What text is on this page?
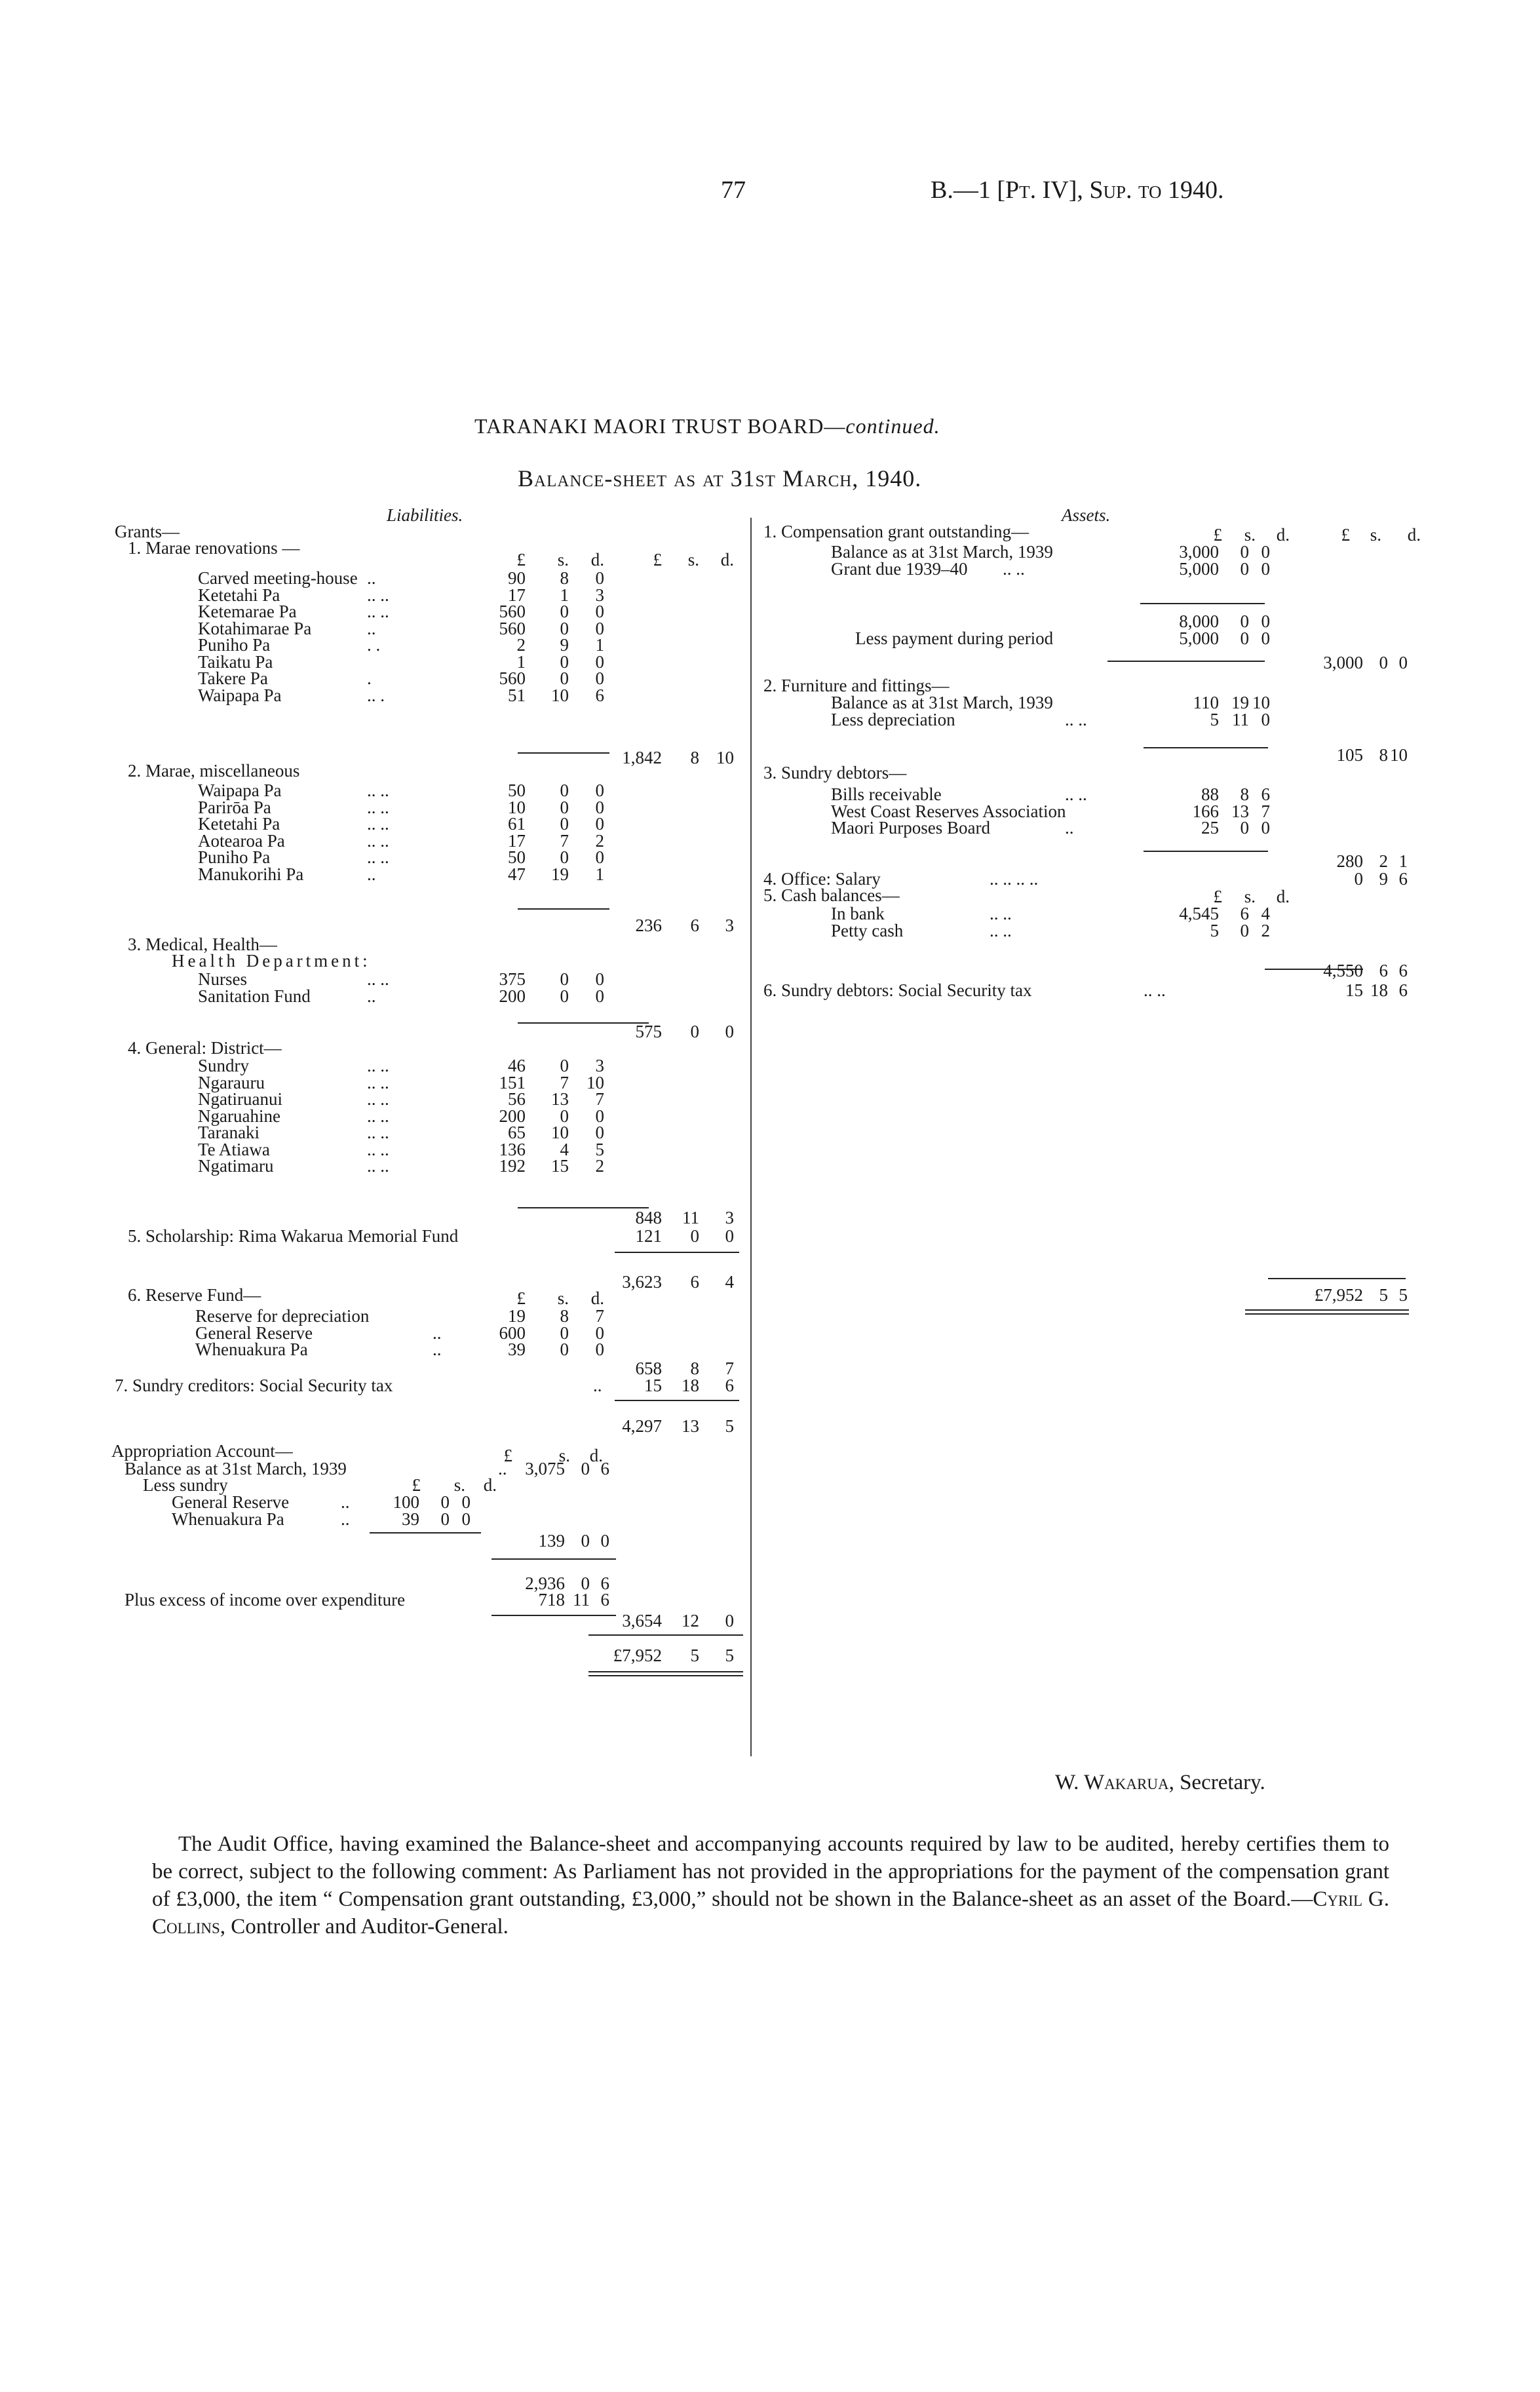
77	B.—1 [Pt. IV], Sup. to 1940.
TARANAKI MAORI TRUST BOARD—continued.
Balance-sheet as at 31st March, 1940.
Liabilities.
Grants—
1. Marae renovations —
£	s.	d.	£	s.	d.
Carved meeting-house ..	90	8	0
Ketetahi Pa	.. ..	17	1	3
Ketemarae Pa	.. ..	560	0	0
Kotahimarae Pa	..	560	0	0
Puniho Pa	. .	2	9	1
Taikatu Pa	1	0	0
Takere Pa	.	560	0	0
Waipapa Pa	.. .	51	10	6
1,842	8 10
2. Marae, miscellaneous
Waipapa Pa	.. ..	50	0	0
Parirōa Pa	.. ..	10	0	0
Ketetahi Pa	.. ..	61	0	0
Aotearoa Pa	.. ..	17	7	2
Puniho Pa	.. ..	50	0	0
Manukorihi Pa	..	47	19	1
236	6	3
3. Medical, Health—
Health Department:
Nurses	.. ..	375	0	0
Sanitation Fund	..	200	0	0
575	0	0
4. General: District—
Sundry	.. ..	46	0	3
Ngarauru	.. ..	151	7	10
Ngatiruanui	.. ..	56	13	7
Ngaruahine	.. ..	200	0	0
Taranaki	.. ..	65	10	0
Te Atiawa	.. ..	136	4	5
Ngatimaru	.. ..	192	15	2
848	11	3
5. Scholarship: Rima Wakarua Memorial Fund	121	0	0
3,623	6	4
6. Reserve Fund—	£	s.	d.
Reserve for depreciation	19	8	7
General Reserve	..	600	0	0
Whenuakura Pa	..	39	0	0
658	8	7
7. Sundry creditors: Social Security tax	..	15	18	6
4,297	13	5
Appropriation Account—	£	s.	d.
Balance as at 31st March, 1939	..	3,075 0 6
Less sundry	£	s.	d.
General Reserve	..	100	0 0
Whenuakura Pa	..	39	0 0
139 0 0
2,936 0 6
Plus excess of income over expenditure	718 11 6
3,654	12	0
£7,952	5	5
Assets.
1. Compensation grant outstanding—	£	s.	d.	£	s.	d.
Balance as at 31st March, 1939	3,000	0 0
Grant due 1939–40 .. ..	5,000	0 0
8,000	0 0
Less payment during period	5,000	0 0
3,000 0 0
2. Furniture and fittings—
Balance as at 31st March, 1939	110 19 10
Less depreciation	.. ..	5 11 0
105 8 10
3. Sundry debtors—
Bills receivable	.. ..	88	8 6
West Coast Reserves Association	166 13 7
Maori Purposes Board	..	25	0 0
280 2 1
4. Office: Salary	.. .. .. ..	0 9 6
5. Cash balances—	£	s.	d.
In bank	.. ..	4,545	6 4
Petty cash	.. ..	5	0 2
4,550 6 6
6. Sundry debtors: Social Security tax	.. ..	15 18 6
£7,952 5 5
W. Wakarua, Secretary.
The Audit Office, having examined the Balance-sheet and accompanying accounts required by law to be audited, hereby certifies them to be correct, subject to the following comment: As Parliament has not provided in the appropriations for the payment of the compensation grant of £3,000, the item “ Compensation grant outstanding, £3,000,” should not be shown in the Balance-sheet as an asset of the Board.—Cyril G. Collins, Controller and Auditor-General.
